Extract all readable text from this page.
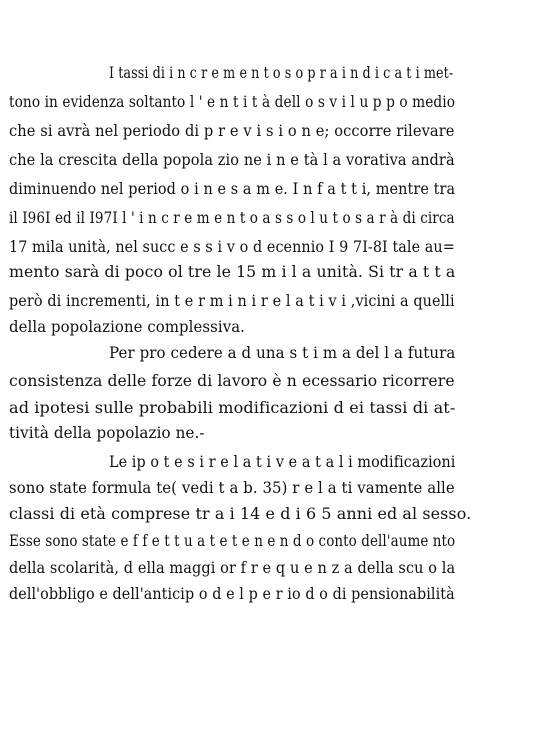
I tassi di i n c r e m e n t o s o p r a i n d i c a t i met-
tono in evidenza soltanto l ' e n t i t à dell o s v i l u p p o medio
che si avrà nel periodo di p r e v i s i o n e; occorre rilevare
che la crescita della popola zio ne i n e tà l a vorativa andrà
diminuendo nel period o i n e s a m e. I n f a t t i, mentre tra
il I96I ed il I97I l ' i n c r e m e n t o a s s o l u t o s a r à di circa
17 mila unità, nel succ e s s i v o d ecennio I 9 7I-8I tale au=
mento sarà di poco ol tre le 15 m i l a unità. Si tr a t t a
però di incrementi, in t e r m i n i r e l a t i v i ,vicini a quelli
della popolazione complessiva.
Per pro cedere a d una s t i m a del l a futura
consistenza delle forze di lavoro è n ecessario ricorrere
ad ipotesi sulle probabili modificazioni d ei tassi di at-
tività della popolazio ne.-
Le ip o t e s i r e l a t i v e a t a l i modificazioni
sono state formula te( vedi t a b. 35) r e l a ti vamente alle
classi di età comprese tr a i 14 e d i 6 5 anni ed al sesso.
Esse sono state e f f e t t u a t e t e n e n d o conto dell'aume nto
della scolarità, d ella maggi or f r e q u e n z a della scu o la
dell'obbligo e dell'anticip o d e l p e r io d o di pensionabilità
